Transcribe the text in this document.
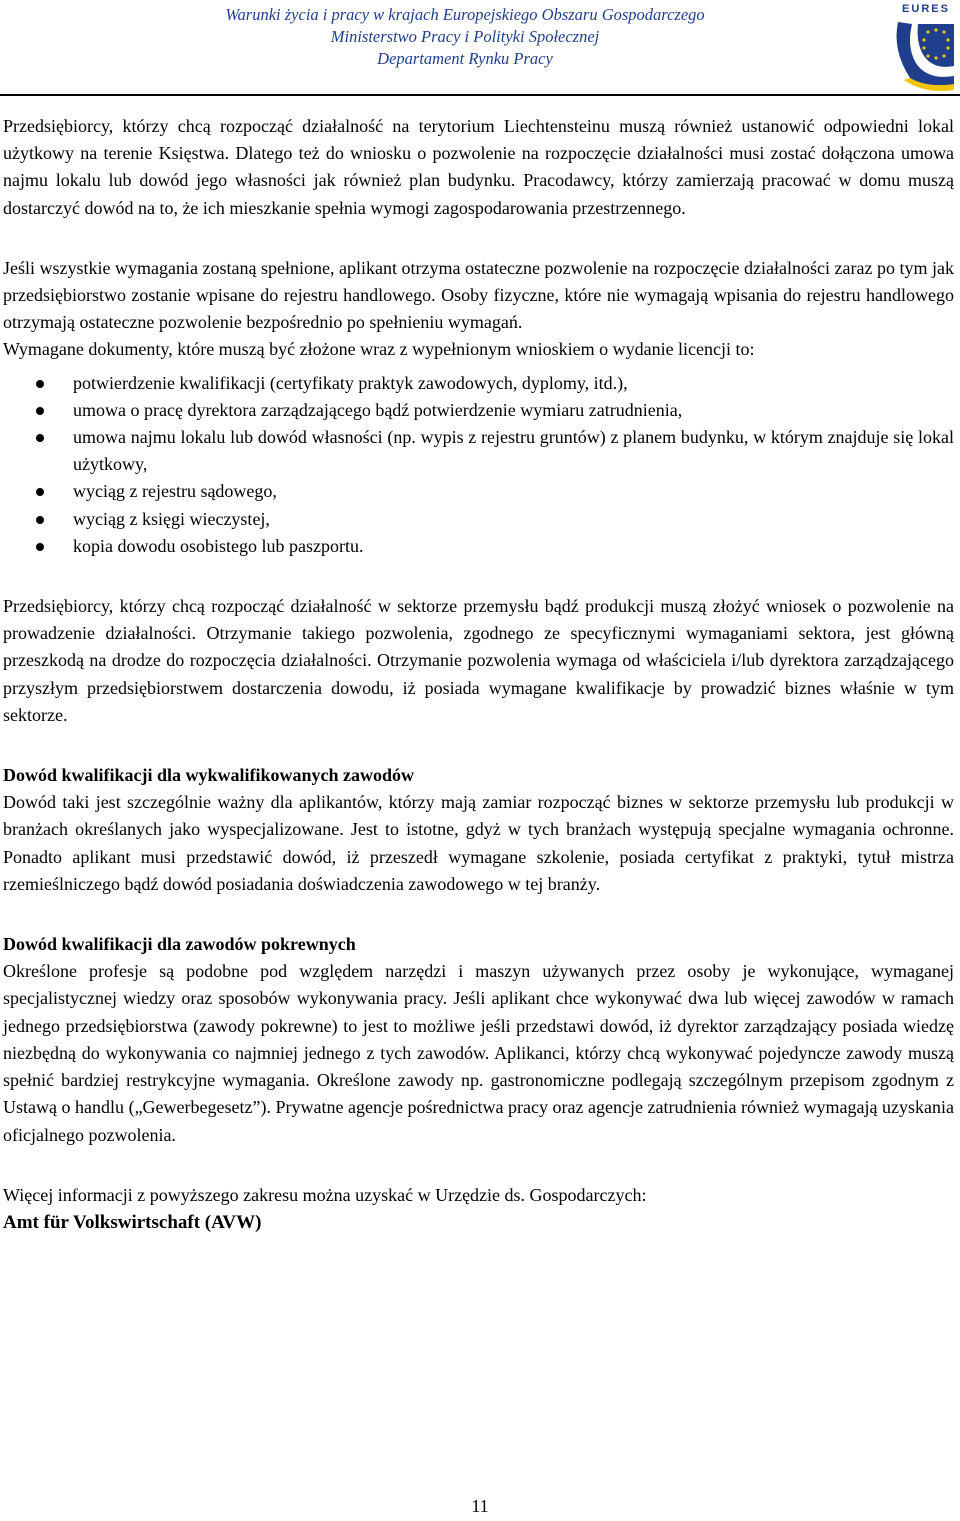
Warunki życia i pracy w krajach Europejskiego Obszaru Gospodarczego
Ministerstwo Pracy i Polityki Społecznej
Departament Rynku Pracy
EURES

Przedsiębiorcy, którzy chcą rozpocząć działalność na terytorium Liechtensteinu muszą również ustanowić odpowiedni lokal użytkowy na terenie Księstwa. Dlatego też do wniosku o pozwolenie na rozpoczęcie działalności musi zostać dołączona umowa najmu lokalu lub dowód jego własności jak również plan budynku. Pracodawcy, którzy zamierzają pracować w domu muszą dostarczyć dowód na to, że ich mieszkanie spełnia wymogi zagospodarowania przestrzennego.

Jeśli wszystkie wymagania zostaną spełnione, aplikant otrzyma ostateczne pozwolenie na rozpoczęcie działalności zaraz po tym jak przedsiębiorstwo zostanie wpisane do rejestru handlowego. Osoby fizyczne, które nie wymagają wpisania do rejestru handlowego otrzymają ostateczne pozwolenie bezpośrednio po spełnieniu wymagań.

Wymagane dokumenty, które muszą być złożone wraz z wypełnionym wnioskiem o wydanie licencji to:

potwierdzenie kwalifikacji (certyfikaty praktyk zawodowych, dyplomy, itd.),
umowa o pracę dyrektora zarządzającego bądź potwierdzenie wymiaru zatrudnienia,
umowa najmu lokalu lub dowód własności (np. wypis z rejestru gruntów) z planem budynku, w którym znajduje się lokal użytkowy,
wyciąg z rejestru sądowego,
wyciąg z księgi wieczystej,
kopia dowodu osobistego lub paszportu.

Przedsiębiorcy, którzy chcą rozpocząć działalność w sektorze przemysłu bądź produkcji muszą złożyć wniosek o pozwolenie na prowadzenie działalności. Otrzymanie takiego pozwolenia, zgodnego ze specyficznymi wymaganiami sektora, jest główną przeszkodą na drodze do rozpoczęcia działalności. Otrzymanie pozwolenia wymaga od właściciela i/lub dyrektora zarządzającego przyszłym przedsiębiorstwem dostarczenia dowodu, iż posiada wymagane kwalifikacje by prowadzić biznes właśnie w tym sektorze.

Dowód kwalifikacji dla wykwalifikowanych zawodów

Dowód taki jest szczególnie ważny dla aplikantów, którzy mają zamiar rozpocząć biznes w sektorze przemysłu lub produkcji w branżach określanych jako wyspecjalizowane. Jest to istotne, gdyż w tych branżach występują specjalne wymagania ochronne. Ponadto aplikant musi przedstawić dowód, iż przeszedł wymagane szkolenie, posiada certyfikat z praktyki, tytuł mistrza rzemieślniczego bądź dowód posiadania doświadczenia zawodowego w tej branży.

Dowód kwalifikacji dla zawodów pokrewnych

Określone profesje są podobne pod względem narzędzi i maszyn używanych przez osoby je wykonujące, wymaganej specjalistycznej wiedzy oraz sposobów wykonywania pracy. Jeśli aplikant chce wykonywać dwa lub więcej zawodów w ramach jednego przedsiębiorstwa (zawody pokrewne) to jest to możliwe jeśli przedstawi dowód, iż dyrektor zarządzający posiada wiedzę niezbędną do wykonywania co najmniej jednego z tych zawodów. Aplikanci, którzy chcą wykonywać pojedyncze zawody muszą spełnić bardziej restrykcyjne wymagania. Określone zawody np. gastronomiczne podlegają szczególnym przepisom zgodnym z Ustawą o handlu („Gewerbegesetz”). Prywatne agencje pośrednictwa pracy oraz agencje zatrudnienia również wymagają uzyskania oficjalnego pozwolenia.

Więcej informacji z powyższego zakresu można uzyskać w Urzędzie ds. Gospodarczych:

Amt für Volkswirtschaft (AVW)

11
